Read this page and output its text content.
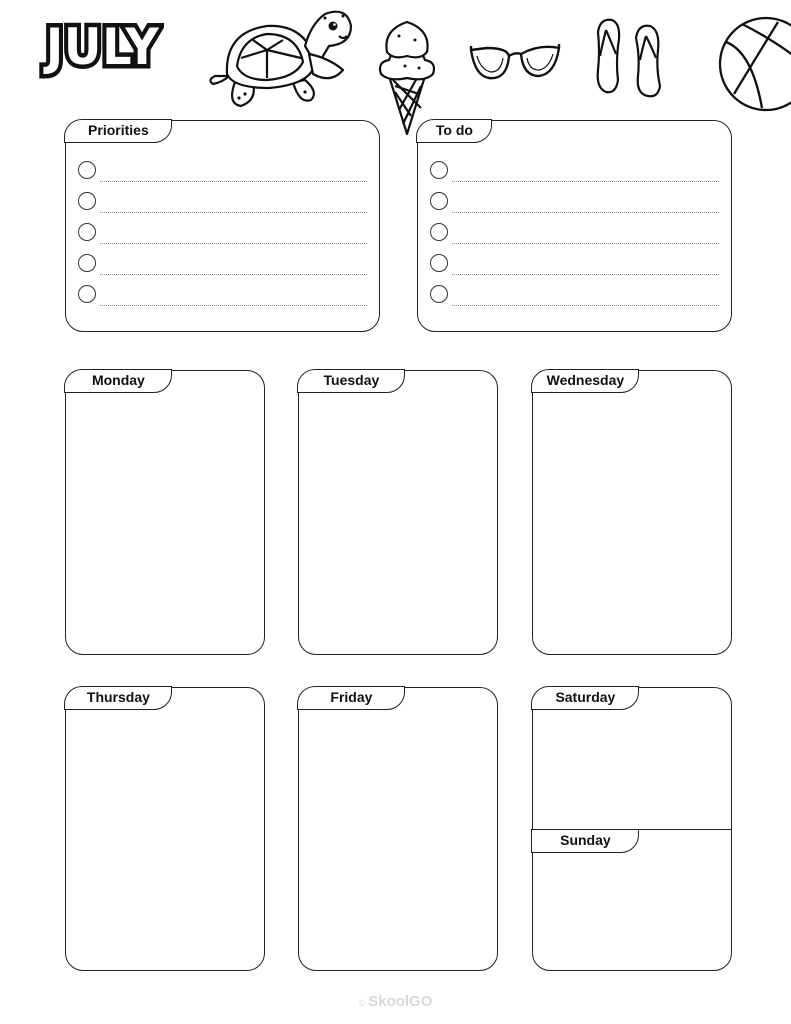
JULY
Priorities	To do
Monday	Tuesday	Wednesday
Thursday	Friday	Saturday
Sunday
© SkoolGO
